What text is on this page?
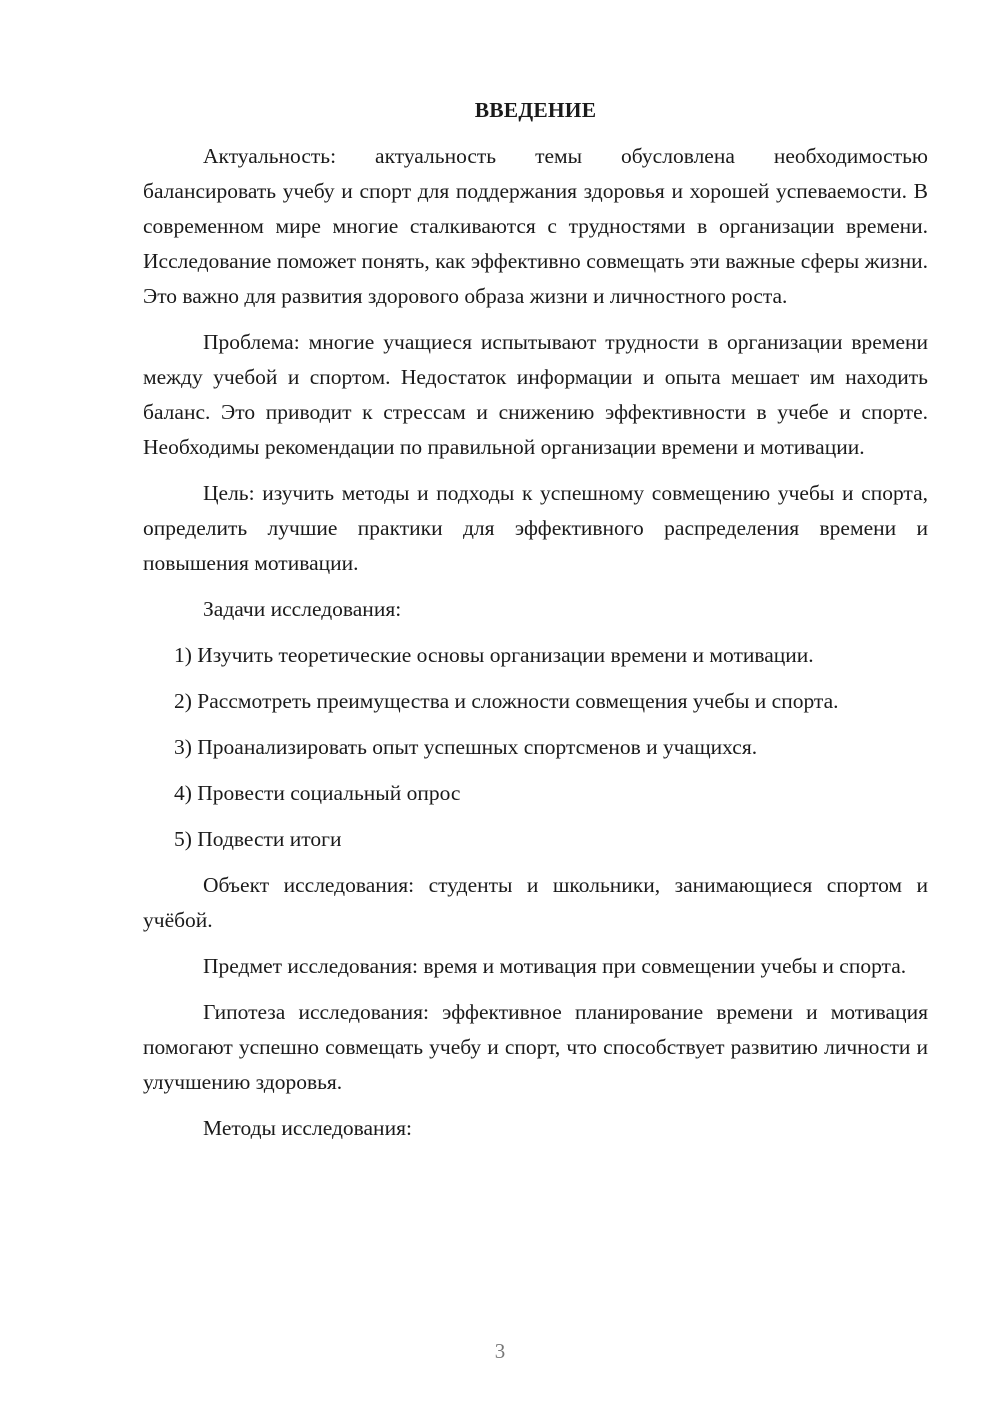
ВВЕДЕНИЕ

Актуальность: актуальность темы обусловлена необходимостью балансировать учебу и спорт для поддержания здоровья и хорошей успеваемости. В современном мире многие сталкиваются с трудностями в организации времени. Исследование поможет понять, как эффективно совмещать эти важные сферы жизни. Это важно для развития здорового образа жизни и личностного роста.

Проблема: многие учащиеся испытывают трудности в организации времени между учебой и спортом. Недостаток информации и опыта мешает им находить баланс. Это приводит к стрессам и снижению эффективности в учебе и спорте. Необходимы рекомендации по правильной организации времени и мотивации.

Цель: изучить методы и подходы к успешному совмещению учебы и спорта, определить лучшие практики для эффективного распределения времени и повышения мотивации.

Задачи исследования:

1) Изучить теоретические основы организации времени и мотивации.

2) Рассмотреть преимущества и сложности совмещения учебы и спорта.

3) Проанализировать опыт успешных спортсменов и учащихся.

4) Провести социальный опрос

5) Подвести итоги

Объект исследования: студенты и школьники, занимающиеся спортом и учёбой.

Предмет исследования: время и мотивация при совмещении учебы и спорта.

Гипотеза исследования: эффективное планирование времени и мотивация помогают успешно совмещать учебу и спорт, что способствует развитию личности и улучшению здоровья.

Методы исследования:

3
